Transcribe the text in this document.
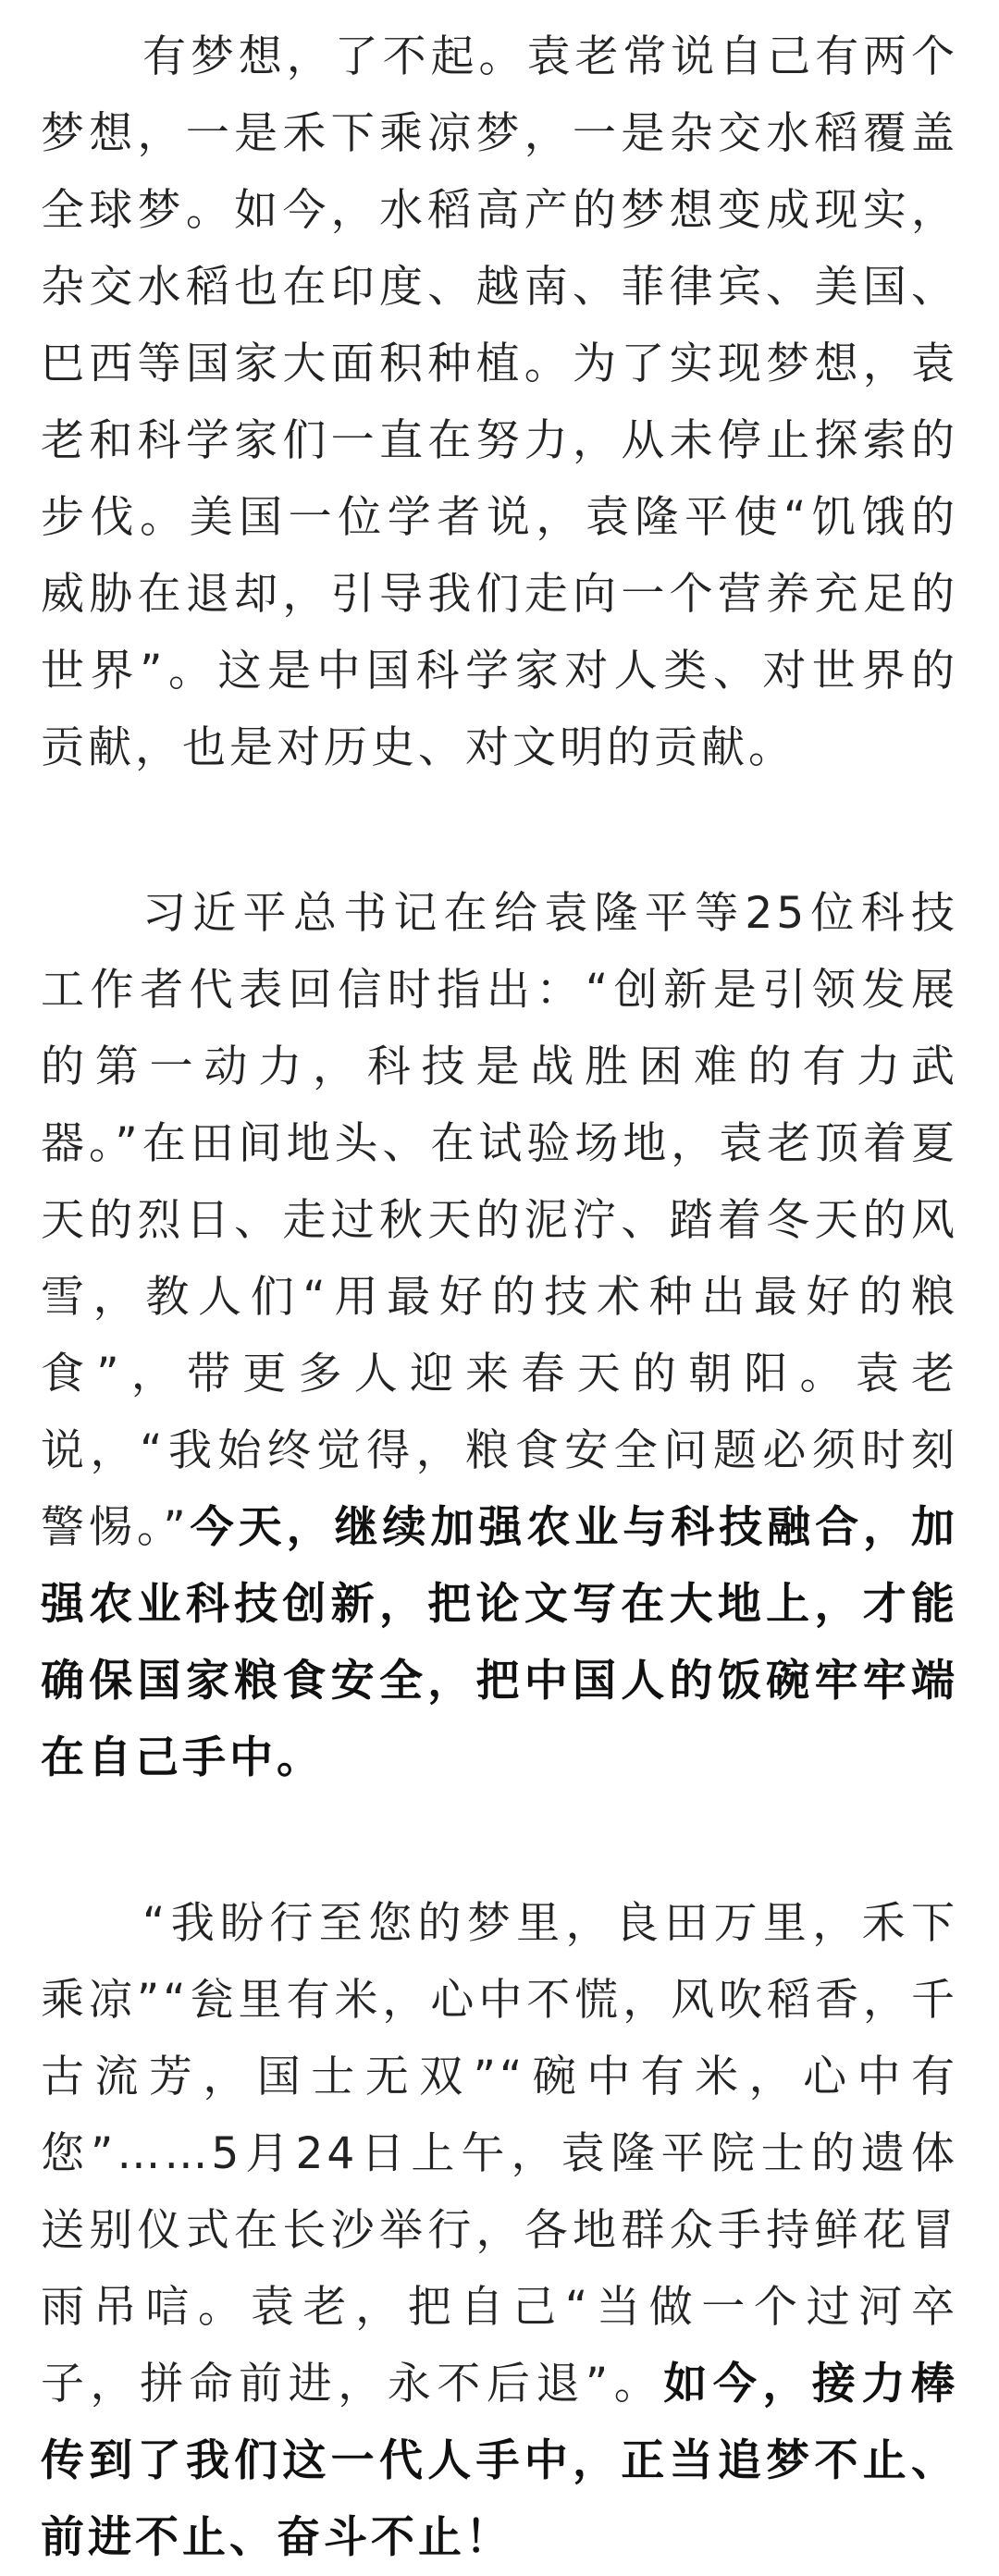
有梦想，了不起。袁老常说自己有两个梦想，一是禾下乘凉梦，一是杂交水稻覆盖全球梦。如今，水稻高产的梦想变成现实，杂交水稻也在印度、越南、菲律宾、美国、巴西等国家大面积种植。为了实现梦想，袁老和科学家们一直在努力，从未停止探索的步伐。美国一位学者说，袁隆平使“饥饿的威胁在退却，引导我们走向一个营养充足的世界”。这是中国科学家对人类、对世界的贡献，也是对历史、对文明的贡献。

习近平总书记在给袁隆平等25位科技工作者代表回信时指出：“创新是引领发展的第一动力，科技是战胜困难的有力武器。”在田间地头、在试验场地，袁老顶着夏天的烈日、走过秋天的泥泞、踏着冬天的风雪，教人们“用最好的技术种出最好的粮食”，带更多人迎来春天的朝阳。袁老说，“我始终觉得，粮食安全问题必须时刻警惕。”今天，继续加强农业与科技融合，加强农业科技创新，把论文写在大地上，才能确保国家粮食安全，把中国人的饭碗牢牢端在自己手中。

“我盼行至您的梦里，良田万里，禾下乘凉”“瓮里有米，心中不慌，风吹稻香，千古流芳，国士无双”“碗中有米，心中有您”……5月24日上午，袁隆平院士的遗体送别仪式在长沙举行，各地群众手持鲜花冒雨吊唁。袁老，把自己“当做一个过河卒子，拼命前进，永不后退”。如今，接力棒传到了我们这一代人手中，正当追梦不止、前进不止、奋斗不止！
